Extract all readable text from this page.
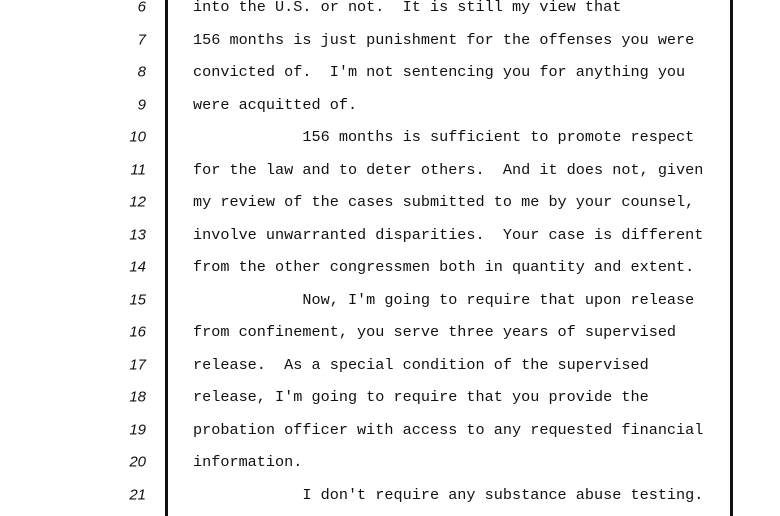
6	into the U.S. or not.  It is still my view that
7	156 months is just punishment for the offenses you were
8	convicted of.  I'm not sentencing you for anything you
9	were acquitted of.
10	156 months is sufficient to promote respect
11	for the law and to deter others.  And it does not, given
12	my review of the cases submitted to me by your counsel,
13	involve unwarranted disparities.  Your case is different
14	from the other congressmen both in quantity and extent.
15	Now, I'm going to require that upon release
16	from confinement, you serve three years of supervised
17	release.  As a special condition of the supervised
18	release, I'm going to require that you provide the
19	probation officer with access to any requested financial
20	information.
21	I don't require any substance abuse testing.
